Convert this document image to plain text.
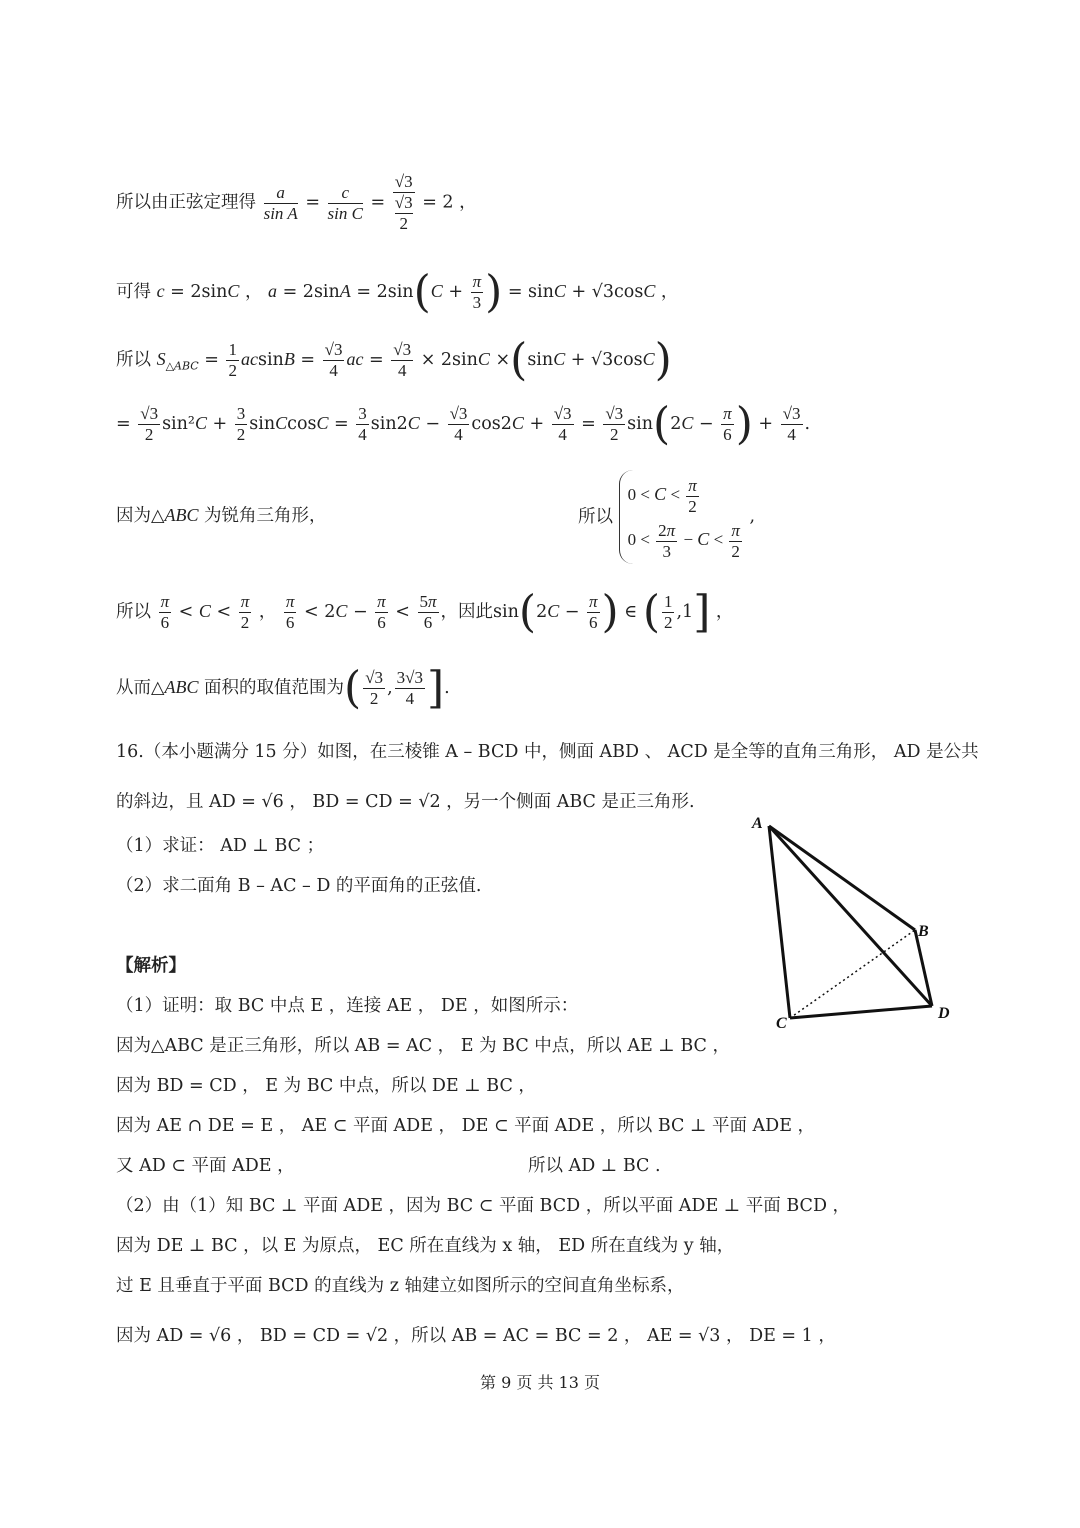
所以由正弦定理得 $\frac{a}{\text{sin A}} = \frac{c}{\text{sin C}}$ =
√3
√3
2
= 2 ，
可得 c = 2sinC ， $a = 2\sin A = 2\sin(C + \frac{\pi}{3}$ ) = sinC + √3cosC ，
所以 $S_{\triangle ABC} = \frac{1}{2}$ $acsinB = \frac{√3}{4}$ ac = $\frac{√3}{4} \times 2\sin C \times(\sin C + √3\cos C)$
= $\frac{√3}{2} \sin^2C + \frac{3}{2}$ sinCcosC = $\frac{3}{4} \sin 2C - \frac{√3}{4} \cos 2C + \frac{√3}{4} = \frac{√3}{2} \sin(2C - \frac{\pi}{6}$ ) + $\frac{√3}{4}$ .
因为△ABC 为锐角三角形，	所以
$0 < C < \frac{\pi}{2}$
$0 < \frac{2\pi}{3} - C < \frac{\pi}{2}$
,
所以 $\frac{\pi}{6} < C < \frac{\pi}{2}$ ， $\frac{\pi}{6} < 2C - \frac{\pi}{6} < \frac{5\pi}{6}$ ，因此$\sin(2C - \frac{\pi}{6}$ ) ∈ ( $\frac{1}{2} ,1$] ，
从而△ABC 面积的取值范围为( $\frac{√3}{2}$ , $\frac{3√3}{4}$ ].
16.（本小题满分 15 分）如图，在三棱锥 A – BCD 中，侧面 ABD 、 ACD 是全等的直角三角形， AD 是公共
的斜边，且 AD = √6 ， BD = CD = √2 ，另一个侧面 ABC 是正三角形.
（1）求证： AD ⊥ BC ；
（2）求二面角 B – AC – D 的平面角的正弦值.
A
B
C
D
【解析】
（1）证明：取 BC 中点 E ，连接 AE ， DE ，如图所示：
因为△ABC 是正三角形，所以 AB = AC ， E 为 BC 中点，所以 AE ⊥ BC ，
因为 BD = CD ， E 为 BC 中点，所以 DE ⊥ BC ，
因为 AE ∩ DE = E ， AE ⊂ 平面 ADE ， DE ⊂ 平面 ADE ，所以 BC ⊥ 平面 ADE ，
又 AD ⊂ 平面 ADE ，	所以 AD ⊥ BC .
（2）由（1）知 BC ⊥ 平面 ADE ，因为 BC ⊂ 平面 BCD ，所以平面 ADE ⊥ 平面 BCD ，
因为 DE ⊥ BC ，以 E 为原点， EC 所在直线为 x 轴， ED 所在直线为 y 轴，
过 E 且垂直于平面 BCD 的直线为 z 轴建立如图所示的空间直角坐标系，
因为 AD = √6 ， BD = CD = √2 ，所以 AB = AC = BC = 2 ， AE = √3 ， DE = 1 ，
第 9 页 共 13 页
